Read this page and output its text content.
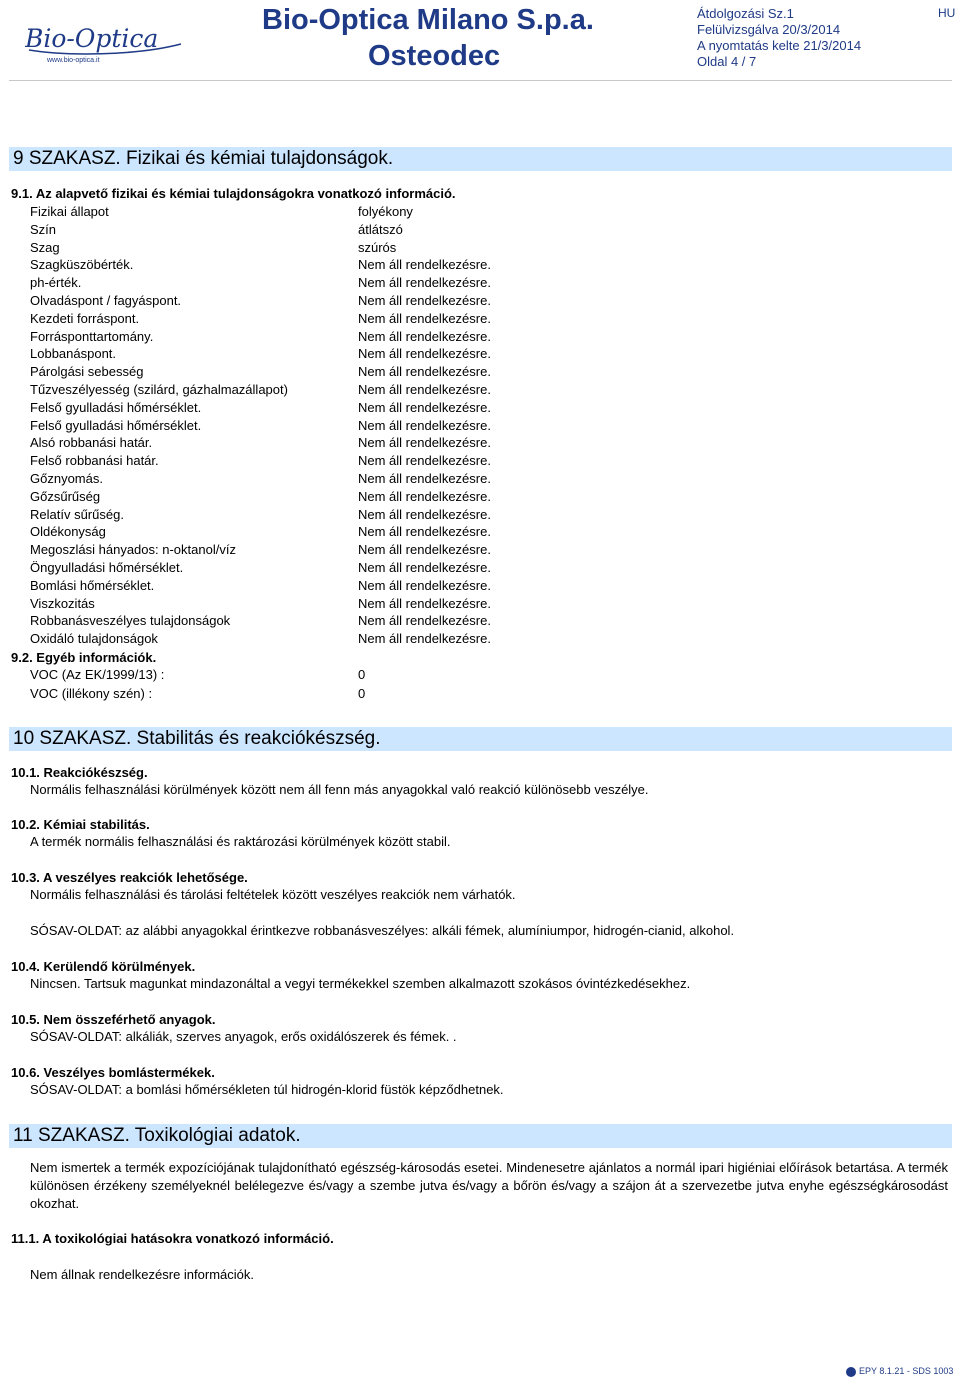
Bio-Optica
www.bio-optica.it
Bio-Optica Milano S.p.a.
Osteodec
Átdolgozási Sz.1
Felülvizsgálva 20/3/2014
A nyomtatás kelte 21/3/2014
Oldal 4 / 7
HU
9 SZAKASZ. Fizikai és kémiai tulajdonságok.
9.1. Az alapvető fizikai és kémiai tulajdonságokra vonatkozó információ.
Fizikai állapot	folyékony
Szín	átlátszó
Szag	szúrós
Szagküszöbérték.	Nem áll rendelkezésre.
ph-érték.	Nem áll rendelkezésre.
Olvadáspont / fagyáspont.	Nem áll rendelkezésre.
Kezdeti forráspont.	Nem áll rendelkezésre.
Forrásponttartomány.	Nem áll rendelkezésre.
Lobbanáspont.	Nem áll rendelkezésre.
Párolgási sebesség	Nem áll rendelkezésre.
Tűzveszélyesség (szilárd, gázhalmazállapot)	Nem áll rendelkezésre.
Felső gyulladási hőmérséklet.	Nem áll rendelkezésre.
Felső gyulladási hőmérséklet.	Nem áll rendelkezésre.
Alsó robbanási határ.	Nem áll rendelkezésre.
Felső robbanási határ.	Nem áll rendelkezésre.
Gőznyomás.	Nem áll rendelkezésre.
Gőzsűrűség	Nem áll rendelkezésre.
Relatív sűrűség.	Nem áll rendelkezésre.
Oldékonyság	Nem áll rendelkezésre.
Megoszlási hányados: n-oktanol/víz	Nem áll rendelkezésre.
Öngyulladási hőmérséklet.	Nem áll rendelkezésre.
Bomlási hőmérséklet.	Nem áll rendelkezésre.
Viszkozitás	Nem áll rendelkezésre.
Robbanásveszélyes tulajdonságok	Nem áll rendelkezésre.
Oxidáló tulajdonságok	Nem áll rendelkezésre.
9.2. Egyéb információk.
VOC (Az EK/1999/13) :	0
VOC (illékony szén) :	0
10 SZAKASZ. Stabilitás és reakciókészség.
10.1. Reakciókészség.
Normális felhasználási körülmények között nem áll fenn más anyagokkal való reakció különösebb veszélye.
10.2. Kémiai stabilitás.
A termék normális felhasználási és raktározási körülmények között stabil.
10.3. A veszélyes reakciók lehetősége.
Normális felhasználási és tárolási feltételek között veszélyes reakciók nem várhatók.
SÓSAV-OLDAT: az alábbi anyagokkal érintkezve robbanásveszélyes: alkáli fémek, alumíniumpor, hidrogén-cianid, alkohol.
10.4. Kerülendő körülmények.
Nincsen. Tartsuk magunkat mindazonáltal a vegyi termékekkel szemben alkalmazott szokásos óvintézkedésekhez.
10.5. Nem összeférhető anyagok.
SÓSAV-OLDAT: alkáliák, szerves anyagok, erős oxidálószerek és fémek. .
10.6. Veszélyes bomlástermékek.
SÓSAV-OLDAT: a bomlási hőmérsékleten túl hidrogén-klorid füstök képződhetnek.
11 SZAKASZ. Toxikológiai adatok.
Nem ismertek a termék expozíciójának tulajdonítható egészség-károsodás esetei. Mindenesetre ajánlatos a normál ipari higiéniai előírások betartása. A termék különösen érzékeny személyeknél belélegezve és/vagy a szembe jutva és/vagy a bőrön és/vagy a szájon át a szervezetbe jutva enyhe egészségkárosodást okozhat.
11.1. A toxikológiai hatásokra vonatkozó információ.
Nem állnak rendelkezésre információk.
EPY 8.1.21 - SDS 1003
